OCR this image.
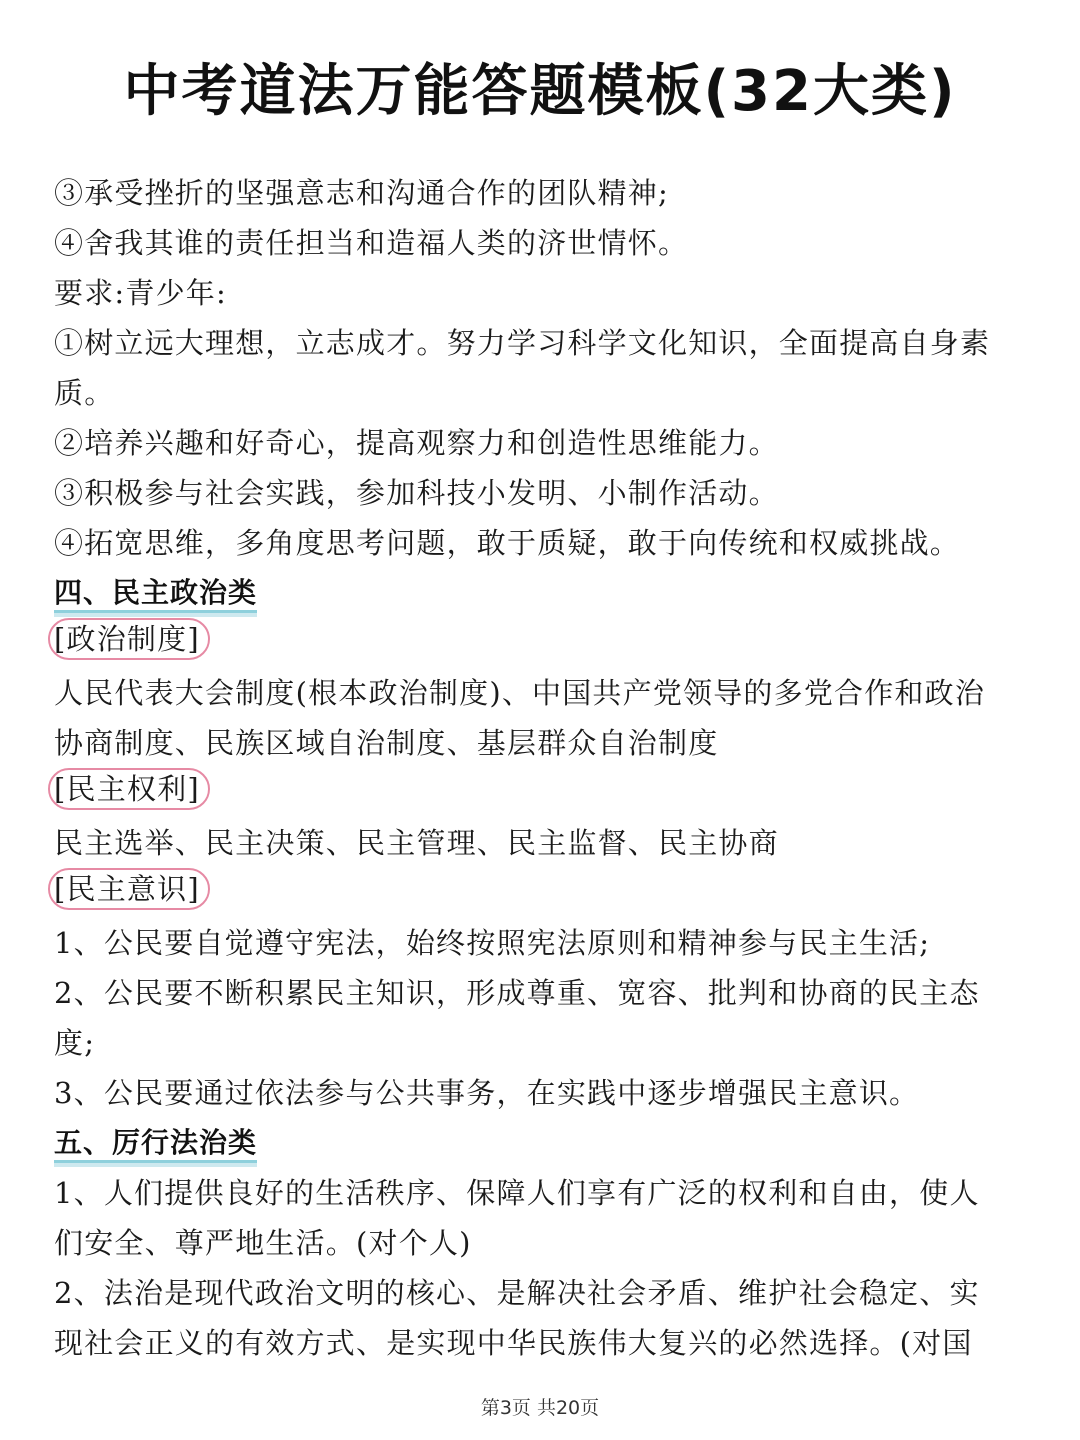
中考道法万能答题模板(32大类)
③承受挫折的坚强意志和沟通合作的团队精神;
④舍我其谁的责任担当和造福人类的济世情怀。
要求:青少年:
①树立远大理想，立志成才。努力学习科学文化知识，全面提高自身素
质。
②培养兴趣和好奇心，提高观察力和创造性思维能力。
③积极参与社会实践，参加科技小发明、小制作活动。
④拓宽思维，多角度思考问题，敢于质疑，敢于向传统和权威挑战。
四、民主政治类
[政治制度]
人民代表大会制度(根本政治制度)、中国共产党领导的多党合作和政治
协商制度、民族区域自治制度、基层群众自治制度
[民主权利]
民主选举、民主决策、民主管理、民主监督、民主协商
[民主意识]
1、公民要自觉遵守宪法，始终按照宪法原则和精神参与民主生活;
2、公民要不断积累民主知识，形成尊重、宽容、批判和协商的民主态
度;
3、公民要通过依法参与公共事务，在实践中逐步增强民主意识。
五、厉行法治类
1、人们提供良好的生活秩序、保障人们享有广泛的权利和自由，使人
们安全、尊严地生活。(对个人)
2、法治是现代政治文明的核心、是解决社会矛盾、维护社会稳定、实
现社会正义的有效方式、是实现中华民族伟大复兴的必然选择。(对国
第3页 共20页
